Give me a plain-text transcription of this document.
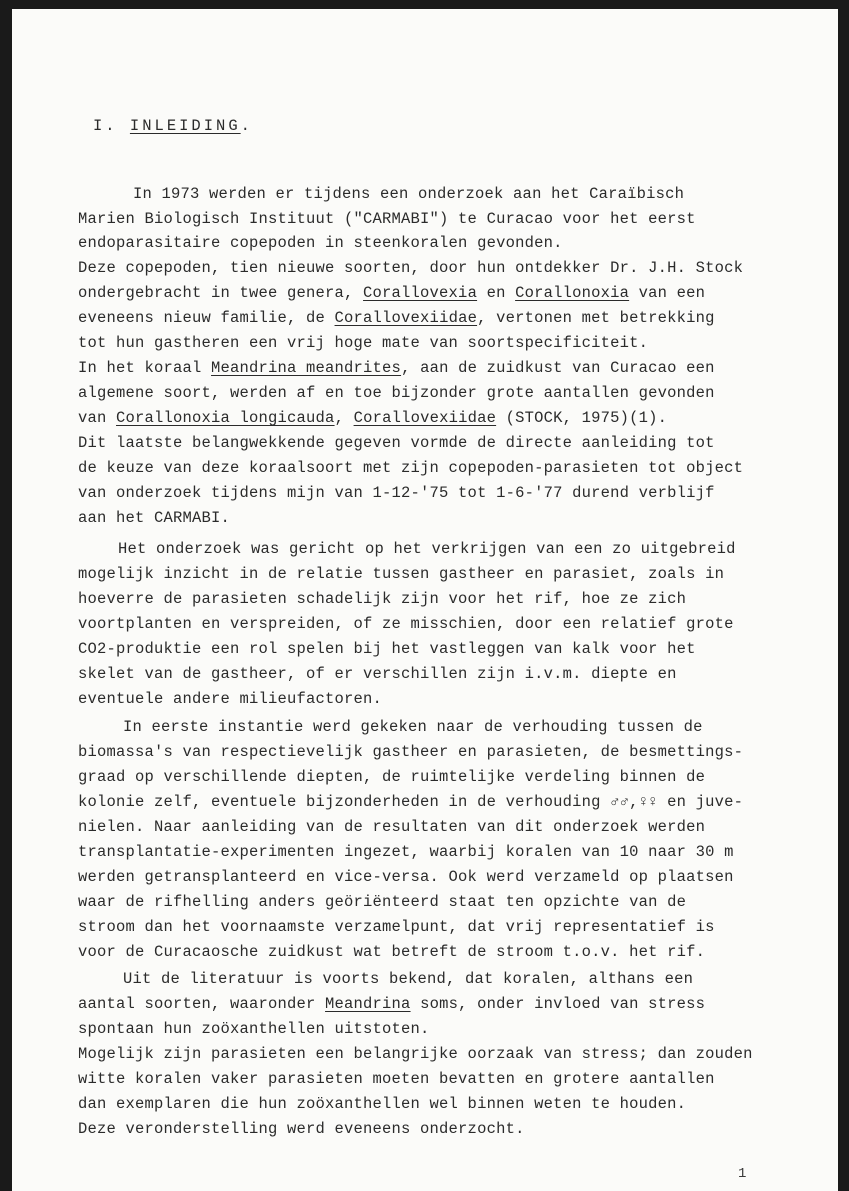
I. INLEIDING.
In 1973 werden er tijdens een onderzoek aan het Caraïbisch
Marien Biologisch Instituut ("CARMABI") te Curacao voor het eerst
endoparasitaire copepoden in steenkoralen gevonden.
Deze copepoden, tien nieuwe soorten, door hun ontdekker Dr. J.H. Stock
ondergebracht in twee genera, Corallovexia en Corallonoxia van een
eveneens nieuw familie, de Corallovexiidae, vertonen met betrekking
tot hun gastheren een vrij hoge mate van soortspecificiteit.
In het koraal Meandrina meandrites, aan de zuidkust van Curacao een
algemene soort, werden af en toe bijzonder grote aantallen gevonden
van Corallonoxia longicauda, Corallovexiidae (STOCK, 1975)(1).
Dit laatste belangwekkende gegeven vormde de directe aanleiding tot
de keuze van deze koraalsoort met zijn copepoden-parasieten tot object
van onderzoek tijdens mijn van 1-12-'75 tot 1-6-'77 durend verblijf
aan het CARMABI.
Het onderzoek was gericht op het verkrijgen van een zo uitgebreid
mogelijk inzicht in de relatie tussen gastheer en parasiet, zoals in
hoeverre de parasieten schadelijk zijn voor het rif, hoe ze zich
voortplanten en verspreiden, of ze misschien, door een relatief grote
CO2-produktie een rol spelen bij het vastleggen van kalk voor het
skelet van de gastheer, of er verschillen zijn i.v.m. diepte en
eventuele andere milieufactoren.
In eerste instantie werd gekeken naar de verhouding tussen de
biomassa's van respectievelijk gastheer en parasieten, de besmettings-
graad op verschillende diepten, de ruimtelijke verdeling binnen de
kolonie zelf, eventuele bijzonderheden in de verhouding ♂♂,♀♀ en juve-
nielen. Naar aanleiding van de resultaten van dit onderzoek werden
transplantatie-experimenten ingezet, waarbij koralen van 10 naar 30 m
werden getransplanteerd en vice-versa. Ook werd verzameld op plaatsen
waar de rifhelling anders geöriënteerd staat ten opzichte van de
stroom dan het voornaamste verzamelpunt, dat vrij representatief is
voor de Curacaosche zuidkust wat betreft de stroom t.o.v. het rif.
Uit de literatuur is voorts bekend, dat koralen, althans een
aantal soorten, waaronder Meandrina soms, onder invloed van stress
spontaan hun zoöxanthellen uitstoten.
Mogelijk zijn parasieten een belangrijke oorzaak van stress; dan zouden
witte koralen vaker parasieten moeten bevatten en grotere aantallen
dan exemplaren die hun zoöxanthellen wel binnen weten te houden.
Deze veronderstelling werd eveneens onderzocht.
1
